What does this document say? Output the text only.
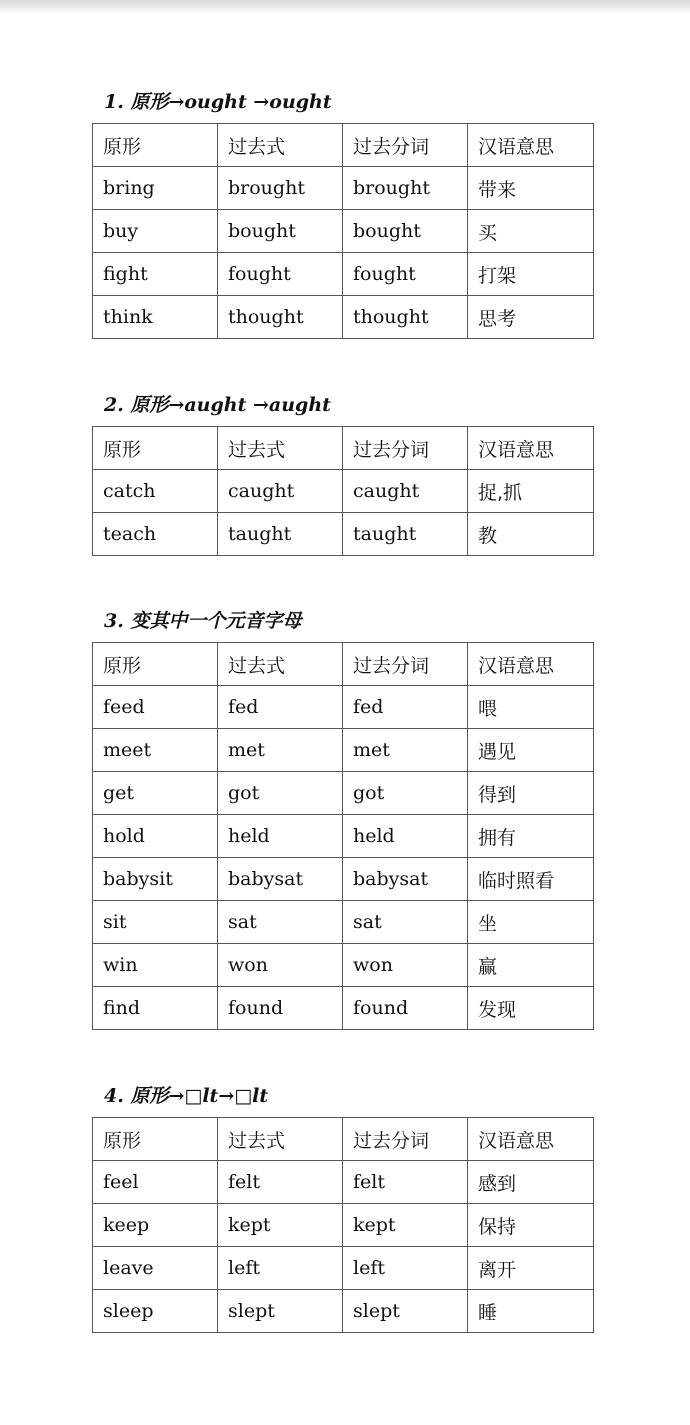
1. 原形→ought →ought
原形	过去式	过去分词	汉语意思
bring	brought	brought	带来
buy	bought	bought	买
fight	fought	fought	打架
think	thought	thought	思考
2. 原形→aught →aught
原形	过去式	过去分词	汉语意思
catch	caught	caught	捉,抓
teach	taught	taught	教
3. 变其中一个元音字母
原形	过去式	过去分词	汉语意思
feed	fed	fed	喂
meet	met	met	遇见
get	got	got	得到
hold	held	held	拥有
babysit	babysat	babysat	临时照看
sit	sat	sat	坐
win	won	won	赢
find	found	found	发现
4. 原形→□lt→□lt
原形	过去式	过去分词	汉语意思
feel	felt	felt	感到
keep	kept	kept	保持
leave	left	left	离开
sleep	slept	slept	睡
